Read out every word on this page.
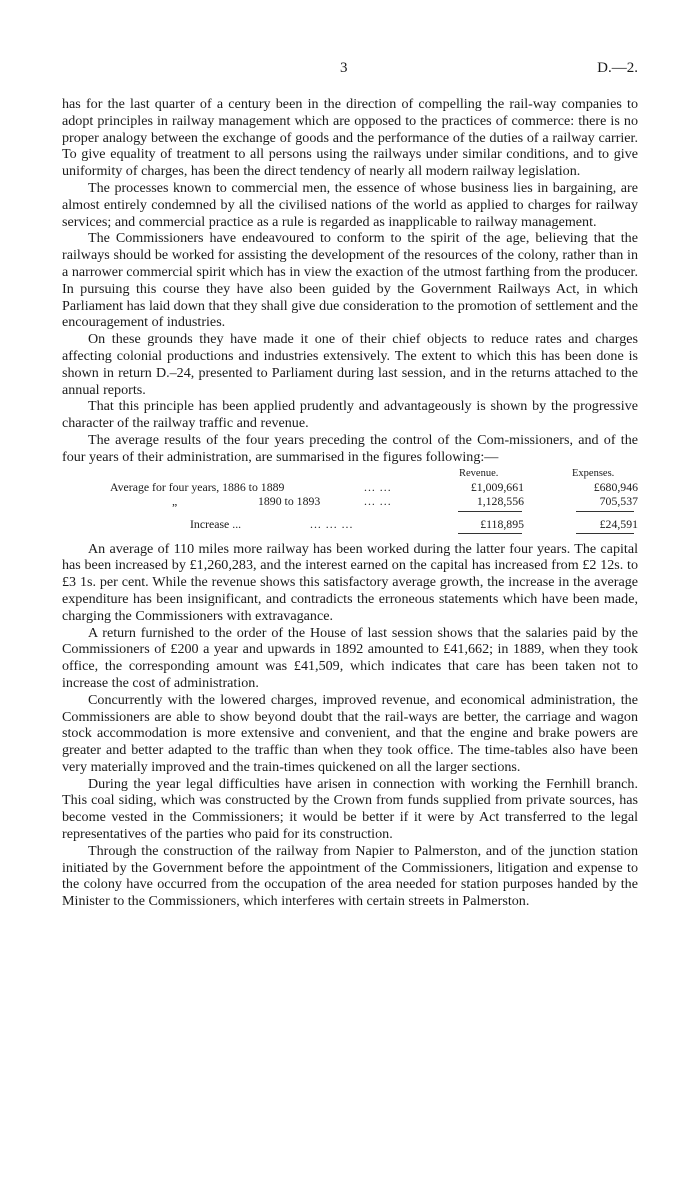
3	D.—2.

has for the last quarter of a century been in the direction of compelling the rail-way companies to adopt principles in railway management which are opposed to the practices of commerce: there is no proper analogy between the exchange of goods and the performance of the duties of a railway carrier. To give equality of treatment to all persons using the railways under similar conditions, and to give uniformity of charges, has been the direct tendency of nearly all modern railway legislation.

The processes known to commercial men, the essence of whose business lies in bargaining, are almost entirely condemned by all the civilised nations of the world as applied to charges for railway services; and commercial practice as a rule is regarded as inapplicable to railway management.

The Commissioners have endeavoured to conform to the spirit of the age, believing that the railways should be worked for assisting the development of the resources of the colony, rather than in a narrower commercial spirit which has in view the exaction of the utmost farthing from the producer. In pursuing this course they have also been guided by the Government Railways Act, in which Parliament has laid down that they shall give due consideration to the promotion of settlement and the encouragement of industries.

On these grounds they have made it one of their chief objects to reduce rates and charges affecting colonial productions and industries extensively. The extent to which this has been done is shown in return D.–24, presented to Parliament during last session, and in the returns attached to the annual reports.

That this principle has been applied prudently and advantageously is shown by the progressive character of the railway traffic and revenue.

The average results of the four years preceding the control of the Com-missioners, and of the four years of their administration, are summarised in the figures following:—

Revenue.	Expenses.
Average for four years, 1886 to 1889	... ...	£1,009,661	£680,946
„	1890 to 1893	... ...	1,128,556	705,537
Increase ...	... ... ...	£118,895	£24,591

An average of 110 miles more railway has been worked during the latter four years. The capital has been increased by £1,260,283, and the interest earned on the capital has increased from £2 12s. to £3 1s. per cent. While the revenue shows this satisfactory average growth, the increase in the average expenditure has been insignificant, and contradicts the erroneous statements which have been made, charging the Commissioners with extravagance.

A return furnished to the order of the House of last session shows that the salaries paid by the Commissioners of £200 a year and upwards in 1892 amounted to £41,662; in 1889, when they took office, the corresponding amount was £41,509, which indicates that care has been taken not to increase the cost of administration.

Concurrently with the lowered charges, improved revenue, and economical administration, the Commissioners are able to show beyond doubt that the rail-ways are better, the carriage and wagon stock accommodation is more extensive and convenient, and that the engine and brake powers are greater and better adapted to the traffic than when they took office. The time-tables also have been very materially improved and the train-times quickened on all the larger sections.

During the year legal difficulties have arisen in connection with working the Fernhill branch. This coal siding, which was constructed by the Crown from funds supplied from private sources, has become vested in the Commissioners; it would be better if it were by Act transferred to the legal representatives of the parties who paid for its construction.

Through the construction of the railway from Napier to Palmerston, and of the junction station initiated by the Government before the appointment of the Commissioners, litigation and expense to the colony have occurred from the occupation of the area needed for station purposes handed by the Minister to the Commissioners, which interferes with certain streets in Palmerston.
